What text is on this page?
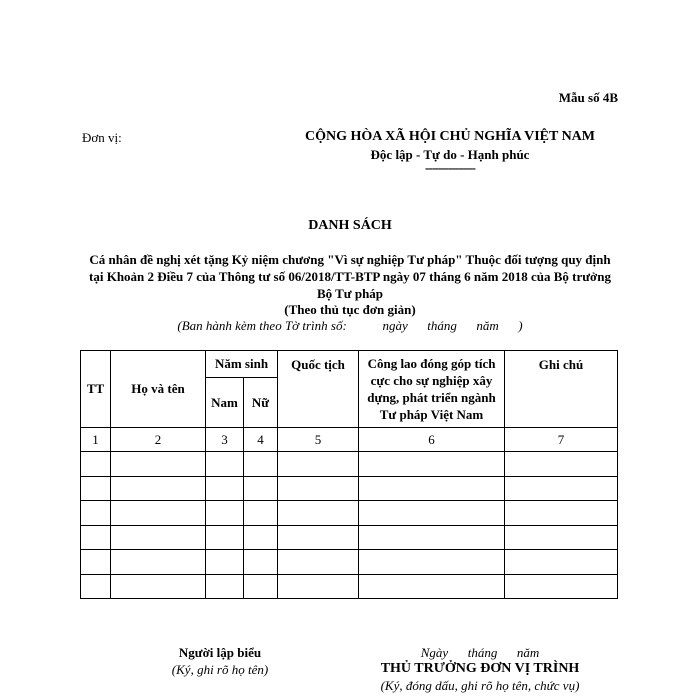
Mẫu số 4B
Đơn vị:	CỘNG HÒA XÃ HỘI CHỦ NGHĨA VIỆT NAM
Độc lập - Tự do - Hạnh phúc
---------------
DANH SÁCH
Cá nhân đề nghị xét tặng Kỷ niệm chương "Vì sự nghiệp Tư pháp" Thuộc đối tượng quy định tại Khoản 2 Điều 7 của Thông tư số 06/2018/TT-BTP ngày 07 tháng 6 năm 2018 của Bộ trưởng Bộ Tư pháp
(Theo thủ tục đơn giản)
(Ban hành kèm theo Tờ trình số:           ngày      tháng      năm      )
TT	Họ và tên	Năm sinh		Quốc tịch	Công lao đóng góp tích cực cho sự nghiệp xây dựng, phát triển ngành Tư pháp Việt Nam	Ghi chú
		Nam	Nữ			
1	2	3	4	5	6	7

Người lập biểu
(Ký, ghi rõ họ tên)
Ngày      tháng      năm
THỦ TRƯỞNG ĐƠN VỊ TRÌNH
(Ký, đóng dấu, ghi rõ họ tên, chức vụ)
